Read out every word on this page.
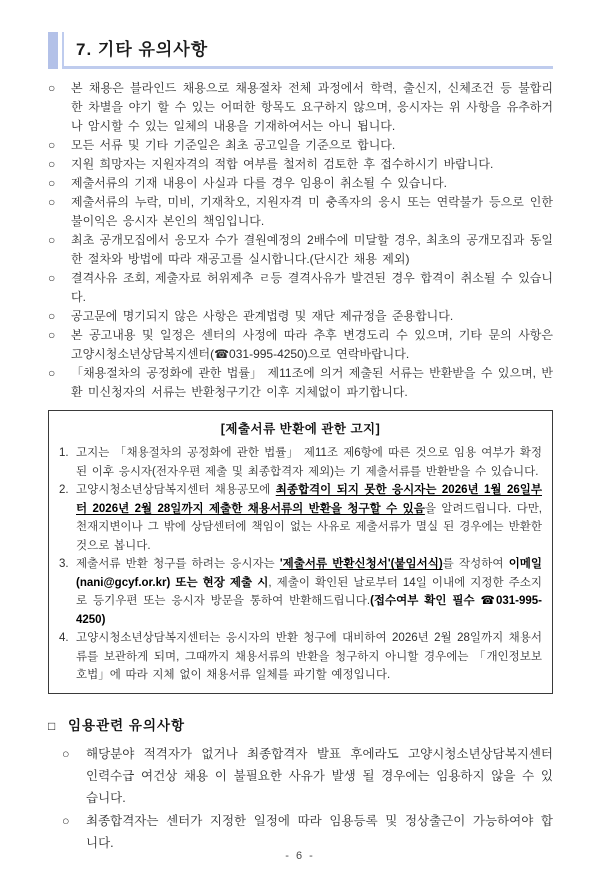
7. 기타 유의사항
○	본 채용은 블라인드 채용으로 채용절차 전체 과정에서 학력, 출신지, 신체조건 등 불합리한 차별을 야기 할 수 있는 어떠한 항목도 요구하지 않으며, 응시자는 위 사항을 유추하거나 암시할 수 있는 일체의 내용을 기재하여서는 아니 됩니다.
○	모든 서류 및 기타 기준일은 최초 공고일을 기준으로 합니다.
○	지원 희망자는 지원자격의 적합 여부를 철저히 검토한 후 접수하시기 바랍니다.
○	제출서류의 기재 내용이 사실과 다를 경우 임용이 취소될 수 있습니다.
○	제출서류의 누락, 미비, 기재착오, 지원자격 미 충족자의 응시 또는 연락불가 등으로 인한 불이익은 응시자 본인의 책임입니다.
○	최초 공개모집에서 응모자 수가 결원예정의 2배수에 미달할 경우, 최초의 공개모집과 동일한 절차와 방법에 따라 재공고를 실시합니다.(단시간 채용 제외)
○	결격사유 조회, 제출자료 허위제추 ㄹ등 결격사유가 발견된 경우 합격이 취소될 수 있습니다.
○	공고문에 명기되지 않은 사항은 관계법령 및 재단 제규정을 준용합니다.
○	본 공고내용 및 일정은 센터의 사정에 따라 추후 변경도리 수 있으며, 기타 문의 사항은 고양시청소년상담복지센터(☎031-995-4250)으로 연락바랍니다.
○	「채용절차의 공정화에 관한 법률」 제11조에 의거 제출된 서류는 반환받을 수 있으며, 반환 미신청자의 서류는 반환청구기간 이후 지체없이 파기합니다.
[제출서류 반환에 관한 고지]
1. 고지는 「채용절차의 공정화에 관한 법률」 제11조 제6항에 따른 것으로 임용 여부가 확정된 이후 응시자(전자우편 제출 및 최종합격자 제외)는 기 제출서류를 반환받을 수 있습니다.
2. 고양시청소년상담복지센터 채용공모에 최종합격이 되지 못한 응시자는 2026년 1월 26일부터 2026년 2월 28일까지 제출한 채용서류의 반환을 청구할 수 있음을 알려드립니다. 다만, 천재지변이나 그 밖에 상담센터에 책임이 없는 사유로 제출서류가 멸실 된 경우에는 반환한 것으로 봅니다.
3. 제출서류 반환 청구를 하려는 응시자는 '제출서류 반환신청서'(붙임서식)를 작성하여 이메일 (nani@gcyf.or.kr) 또는 현장 제출 시, 제출이 확인된 날로부터 14일 이내에 지정한 주소지로 등기우편 또는 응시자 방문을 통하여 반환해드립니다.(접수여부 확인 필수 ☎031-995-4250)
4. 고양시청소년상담복지센터는 응시자의 반환 청구에 대비하여 2026년 2월 28일까지 채용서류를 보관하게 되며, 그때까지 채용서류의 반환을 청구하지 아니할 경우에는 「개인정보보호법」에 따라 지체 없이 채용서류 일체를 파기할 예정입니다.
□ 임용관련 유의사항
○	해당분야 적격자가 없거나 최종합격자 발표 후에라도 고양시청소년상담복지센터 인력수급 여건상 채용 이 불필요한 사유가 발생 될 경우에는 임용하지 않을 수 있습니다.
○	최종합격자는 센터가 지정한 일정에 따라 임용등록 및 정상출근이 가능하여야 합니다.
- 6 -
